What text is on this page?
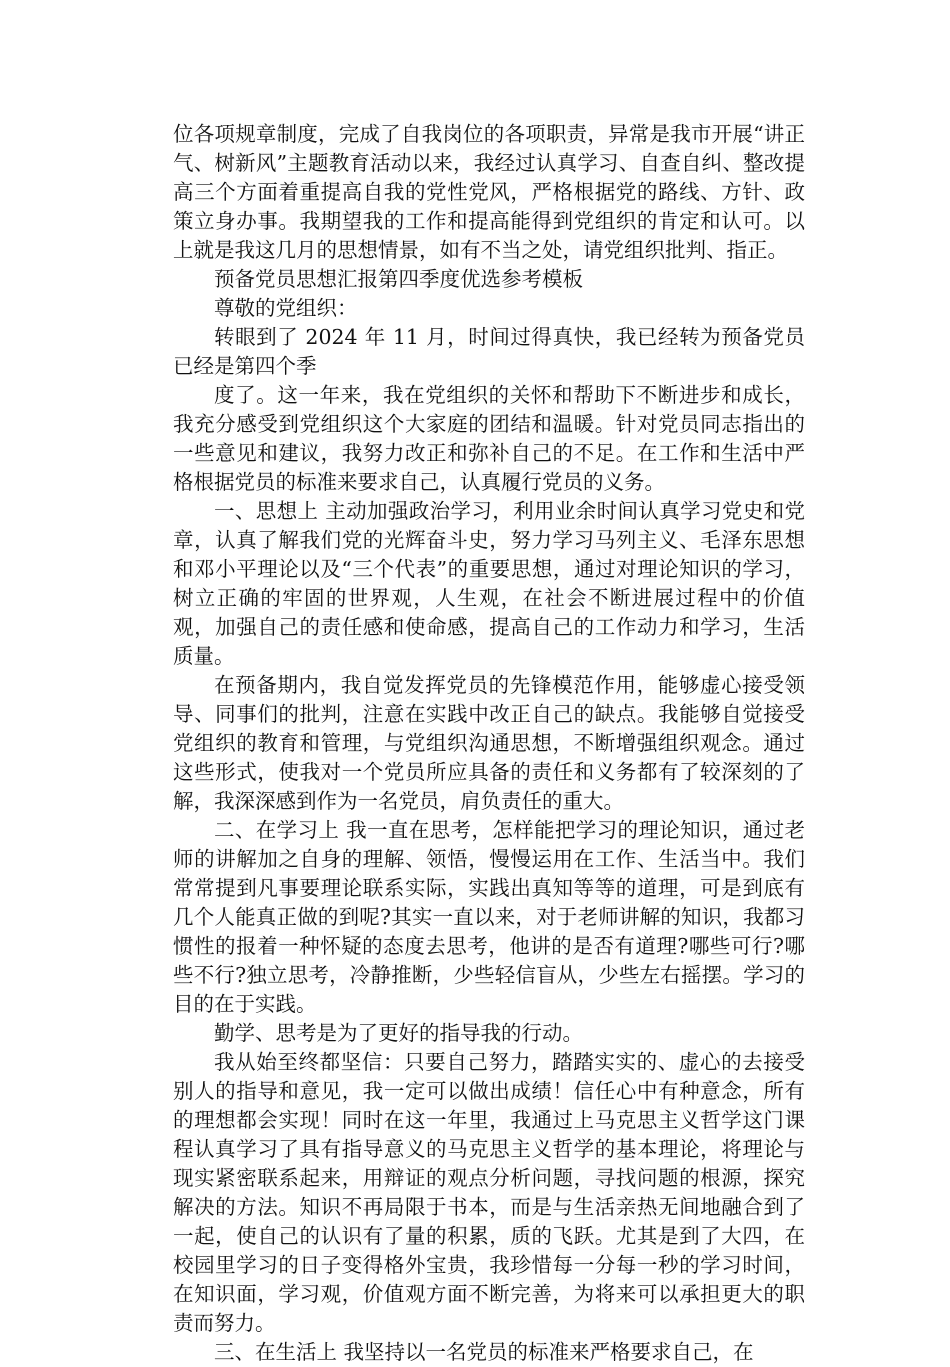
位各项规章制度，完成了自我岗位的各项职责，异常是我市开展“讲正气、树新风”主题教育活动以来，我经过认真学习、自查自纠、整改提高三个方面着重提高自我的党性党风，严格根据党的路线、方针、政策立身办事。我期望我的工作和提高能得到党组织的肯定和认可。以上就是我这几月的思想情景，如有不当之处，请党组织批判、指正。

预备党员思想汇报第四季度优选参考模板

尊敬的党组织：

转眼到了 2024 年 11 月，时间过得真快，我已经转为预备党员已经是第四个季

度了。这一年来，我在党组织的关怀和帮助下不断进步和成长，我充分感受到党组织这个大家庭的团结和温暖。针对党员同志指出的一些意见和建议，我努力改正和弥补自己的不足。在工作和生活中严格根据党员的标准来要求自己，认真履行党员的义务。

一、思想上 主动加强政治学习，利用业余时间认真学习党史和党章，认真了解我们党的光辉奋斗史，努力学习马列主义、毛泽东思想和邓小平理论以及“三个代表”的重要思想，通过对理论知识的学习，树立正确的牢固的世界观，人生观，在社会不断进展过程中的价值观，加强自己的责任感和使命感，提高自己的工作动力和学习，生活质量。

在预备期内，我自觉发挥党员的先锋模范作用，能够虚心接受领导、同事们的批判，注意在实践中改正自己的缺点。我能够自觉接受党组织的教育和管理，与党组织沟通思想，不断增强组织观念。通过这些形式，使我对一个党员所应具备的责任和义务都有了较深刻的了解，我深深感到作为一名党员，肩负责任的重大。

二、在学习上 我一直在思考，怎样能把学习的理论知识，通过老师的讲解加之自身的理解、领悟，慢慢运用在工作、生活当中。我们常常提到凡事要理论联系实际，实践出真知等等的道理，可是到底有几个人能真正做的到呢?其实一直以来，对于老师讲解的知识，我都习惯性的报着一种怀疑的态度去思考，他讲的是否有道理?哪些可行?哪些不行?独立思考，冷静推断，少些轻信盲从，少些左右摇摆。学习的目的在于实践。

勤学、思考是为了更好的指导我的行动。

我从始至终都坚信：只要自己努力，踏踏实实的、虚心的去接受别人的指导和意见，我一定可以做出成绩！信任心中有种意念，所有的理想都会实现！同时在这一年里，我通过上马克思主义哲学这门课程认真学习了具有指导意义的马克思主义哲学的基本理论，将理论与现实紧密联系起来，用辩证的观点分析问题，寻找问题的根源，探究解决的方法。知识不再局限于书本，而是与生活亲热无间地融合到了一起，使自己的认识有了量的积累，质的飞跃。尤其是到了大四，在校园里学习的日子变得格外宝贵，我珍惜每一分每一秒的学习时间，在知识面，学习观，价值观方面不断完善，为将来可以承担更大的职责而努力。

三、在生活上 我坚持以一名党员的标准来严格要求自己，在
